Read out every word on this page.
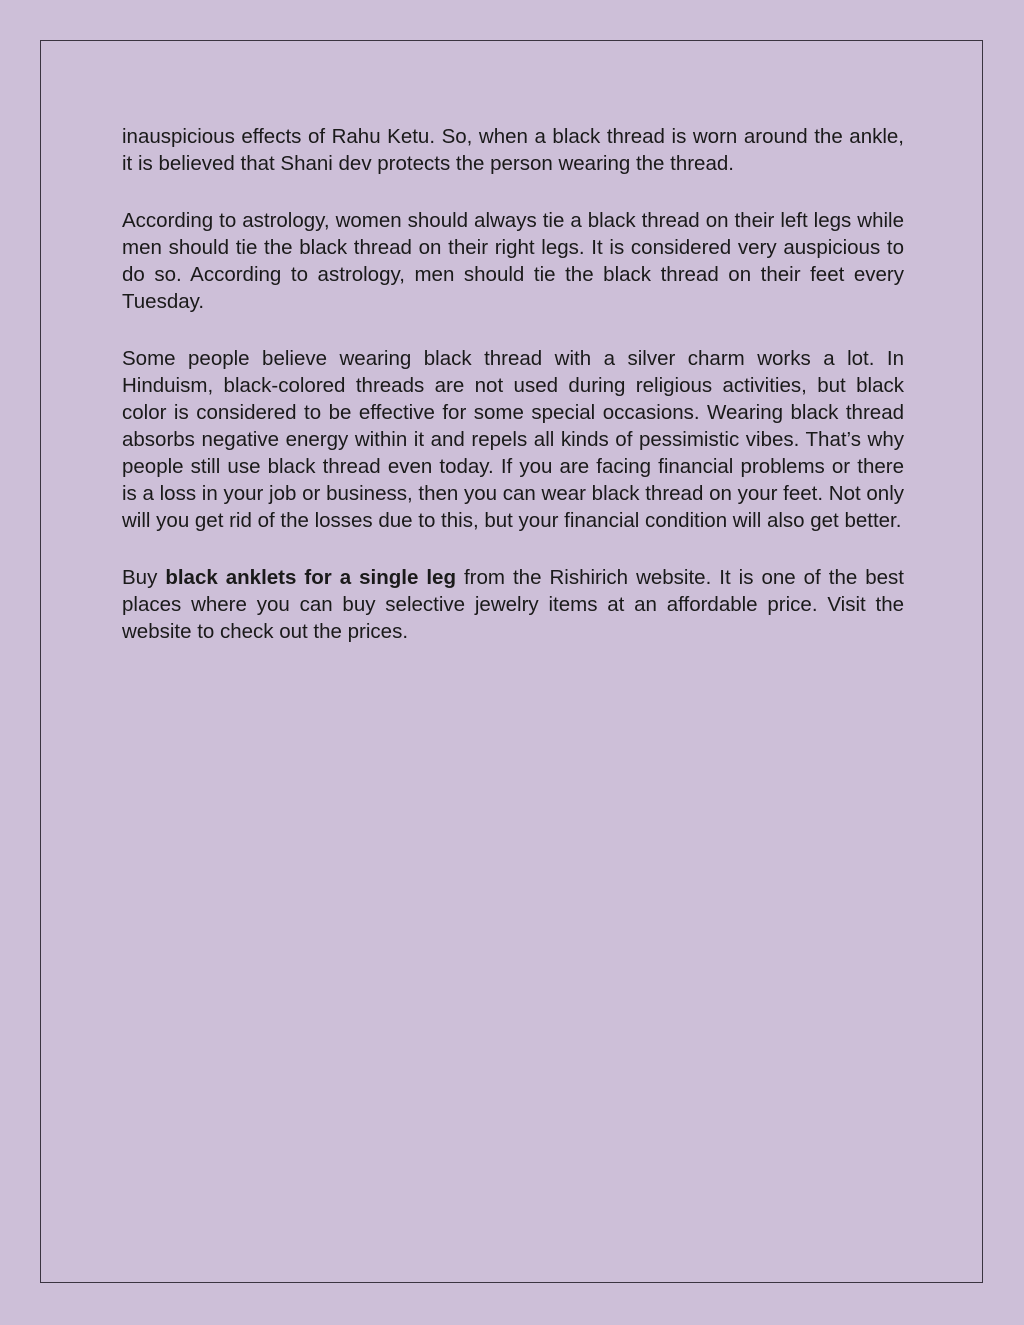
inauspicious effects of Rahu Ketu. So, when a black thread is worn around the ankle, it is believed that Shani dev protects the person wearing the thread.

According to astrology, women should always tie a black thread on their left legs while men should tie the black thread on their right legs. It is considered very auspicious to do so. According to astrology, men should tie the black thread on their feet every Tuesday.

Some people believe wearing black thread with a silver charm works a lot. In Hinduism, black-colored threads are not used during religious activities, but black color is considered to be effective for some special occasions. Wearing black thread absorbs negative energy within it and repels all kinds of pessimistic vibes. That’s why people still use black thread even today. If you are facing financial problems or there is a loss in your job or business, then you can wear black thread on your feet. Not only will you get rid of the losses due to this, but your financial condition will also get better.

Buy black anklets for a single leg from the Rishirich website. It is one of the best places where you can buy selective jewelry items at an affordable price. Visit the website to check out the prices.
